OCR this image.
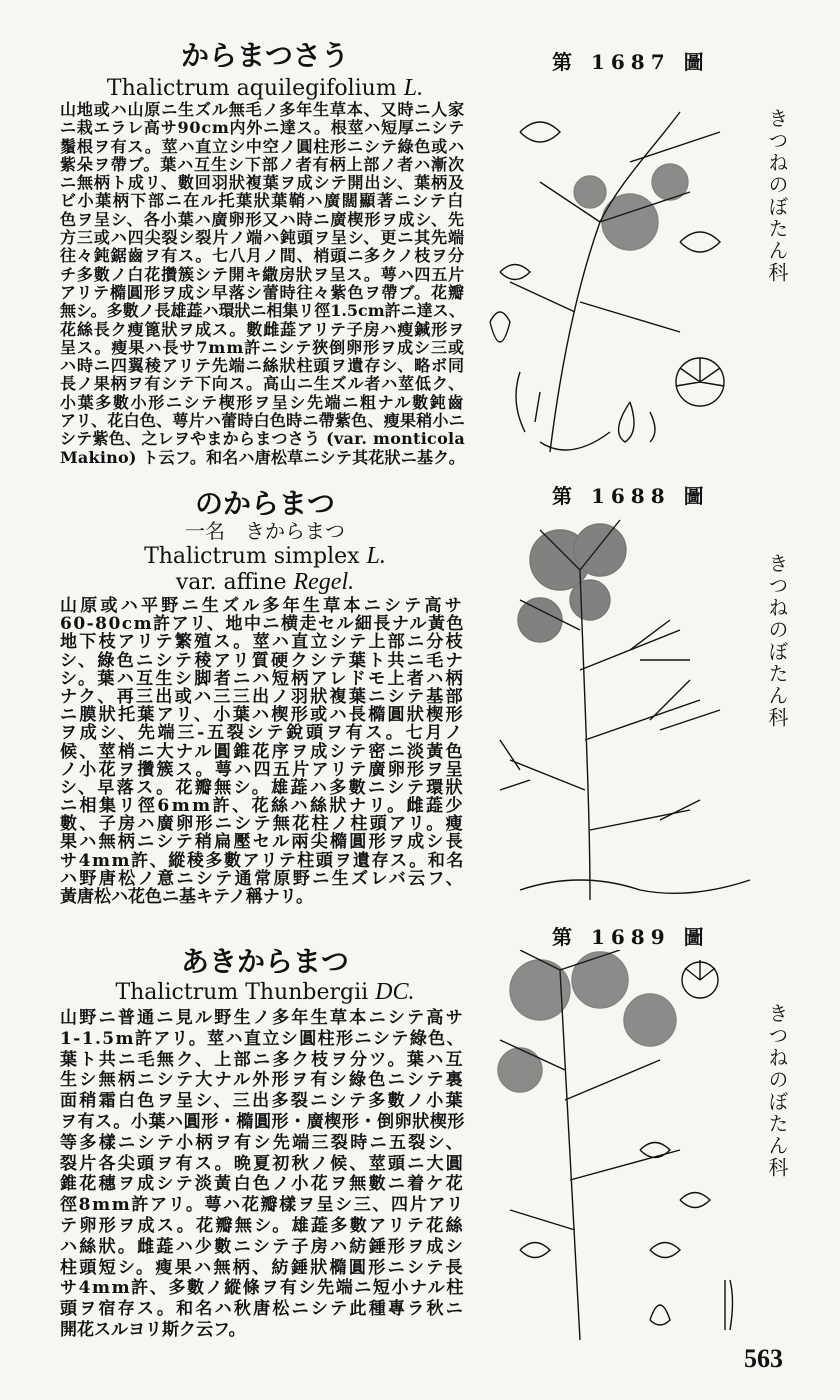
からまつさう
Thalictrum aquilegifolium L.
山地或ハ山原ニ生ズル無毛ノ多年生草本、又時ニ人家
ニ栽エラレ高サ90cm内外ニ達ス。根莖ハ短厚ニシテ
鬚根ヲ有ス。莖ハ直立シ中空ノ圓柱形ニシテ綠色或ハ
紫朵ヲ帶ブ。葉ハ互生シ下部ノ者有柄上部ノ者ハ漸次
ニ無柄ト成リ、數回羽狀複葉ヲ成シテ開出シ、葉柄及
ビ小葉柄下部ニ在ル托葉狀葉鞘ハ廣闊顯著ニシテ白
色ヲ呈シ、各小葉ハ廣卵形又ハ時ニ廣楔形ヲ成シ、先
方三或ハ四尖裂シ裂片ノ端ハ鈍頭ヲ呈シ、更ニ其先端
往々鈍鋸齒ヲ有ス。七八月ノ間、梢頭ニ多クノ枝ヲ分
チ多數ノ白花攢簇シテ開キ繖房狀ヲ呈ス。萼ハ四五片
アリテ橢圓形ヲ成シ早落シ蕾時往々紫色ヲ帶ブ。花瓣
無シ。多數ノ長雄蕋ハ環狀ニ相集リ徑1.5cm許ニ達ス、
花絲長ク瘦篦狀ヲ成ス。數雌蕋アリテ子房ハ瘦鍼形ヲ
呈ス。瘦果ハ長サ7mm許ニシテ狹倒卵形ヲ成シ三或
ハ時ニ四翼稜アリテ先端ニ絲狀柱頭ヲ遺存シ、略ボ同
長ノ果柄ヲ有シテ下向ス。高山ニ生ズル者ハ莖低ク、
小葉多數小形ニシテ楔形ヲ呈シ先端ニ粗ナル數鈍齒
アリ、花白色、萼片ハ蕾時白色時ニ帶紫色、瘦果稍小ニ
シテ紫色、之レヲやまからまつさう (var. monticola
Makino) ト云フ。和名ハ唐松草ニシテ其花狀ニ基ク。
のからまつ
一名　きからまつ
Thalictrum simplex L.
var. affine Regel.
山原或ハ平野ニ生ズル多年生草本ニシテ高サ
60-80cm許アリ、地中ニ横走セル細長ナル黃色
地下枝アリテ繁殖ス。莖ハ直立シテ上部ニ分枝
シ、綠色ニシテ稜アリ質硬クシテ葉ト共ニ毛ナ
シ。葉ハ互生シ脚者ニハ短柄アレドモ上者ハ柄
ナク、再三出或ハ三三出ノ羽狀複葉ニシテ基部
ニ膜狀托葉アリ、小葉ハ楔形或ハ長橢圓狀楔形
ヲ成シ、先端三-五裂シテ銳頭ヲ有ス。七月ノ
候、莖梢ニ大ナル圓錐花序ヲ成シテ密ニ淡黃色
ノ小花ヲ攢簇ス。萼ハ四五片アリテ廣卵形ヲ呈
シ、早落ス。花瓣無シ。雄蕋ハ多數ニシテ環狀
ニ相集リ徑6mm許、花絲ハ絲狀ナリ。雌蕋少
數、子房ハ廣卵形ニシテ無花柱ノ柱頭アリ。瘦
果ハ無柄ニシテ稍扁壓セル兩尖橢圓形ヲ成シ長
サ4mm許、縱稜多數アリテ柱頭ヲ遺存ス。和名
ハ野唐松ノ意ニシテ通常原野ニ生ズレバ云フ、
黃唐松ハ花色ニ基キテノ稱ナリ。
あきからまつ
Thalictrum Thunbergii DC.
山野ニ普通ニ見ル野生ノ多年生草本ニシテ高サ
1-1.5m許アリ。莖ハ直立シ圓柱形ニシテ綠色、
葉ト共ニ毛無ク、上部ニ多ク枝ヲ分ツ。葉ハ互
生シ無柄ニシテ大ナル外形ヲ有シ綠色ニシテ裏
面稍霜白色ヲ呈シ、三出多裂ニシテ多數ノ小葉
ヲ有ス。小葉ハ圓形・橢圓形・廣楔形・倒卵狀楔形
等多樣ニシテ小柄ヲ有シ先端三裂時ニ五裂シ、
裂片各尖頭ヲ有ス。晩夏初秋ノ候、莖頭ニ大圓
錐花穗ヲ成シテ淡黃白色ノ小花ヲ無數ニ着ケ花
徑8mm許アリ。萼ハ花瓣樣ヲ呈シ三、四片アリ
テ卵形ヲ成ス。花瓣無シ。雄蕋多數アリテ花絲
ハ絲狀。雌蕋ハ少數ニシテ子房ハ紡錘形ヲ成シ
柱頭短シ。瘦果ハ無柄、紡錘狀橢圓形ニシテ長
サ4mm許、多數ノ縱條ヲ有シ先端ニ短小ナル柱
頭ヲ宿存ス。和名ハ秋唐松ニシテ此種專ラ秋ニ
開花スルヨリ斯ク云フ。
第 1687 圖
第 1688 圖
第 1689 圖
きつねのぼたん科
きつねのぼたん科
きつねのぼたん科
563
